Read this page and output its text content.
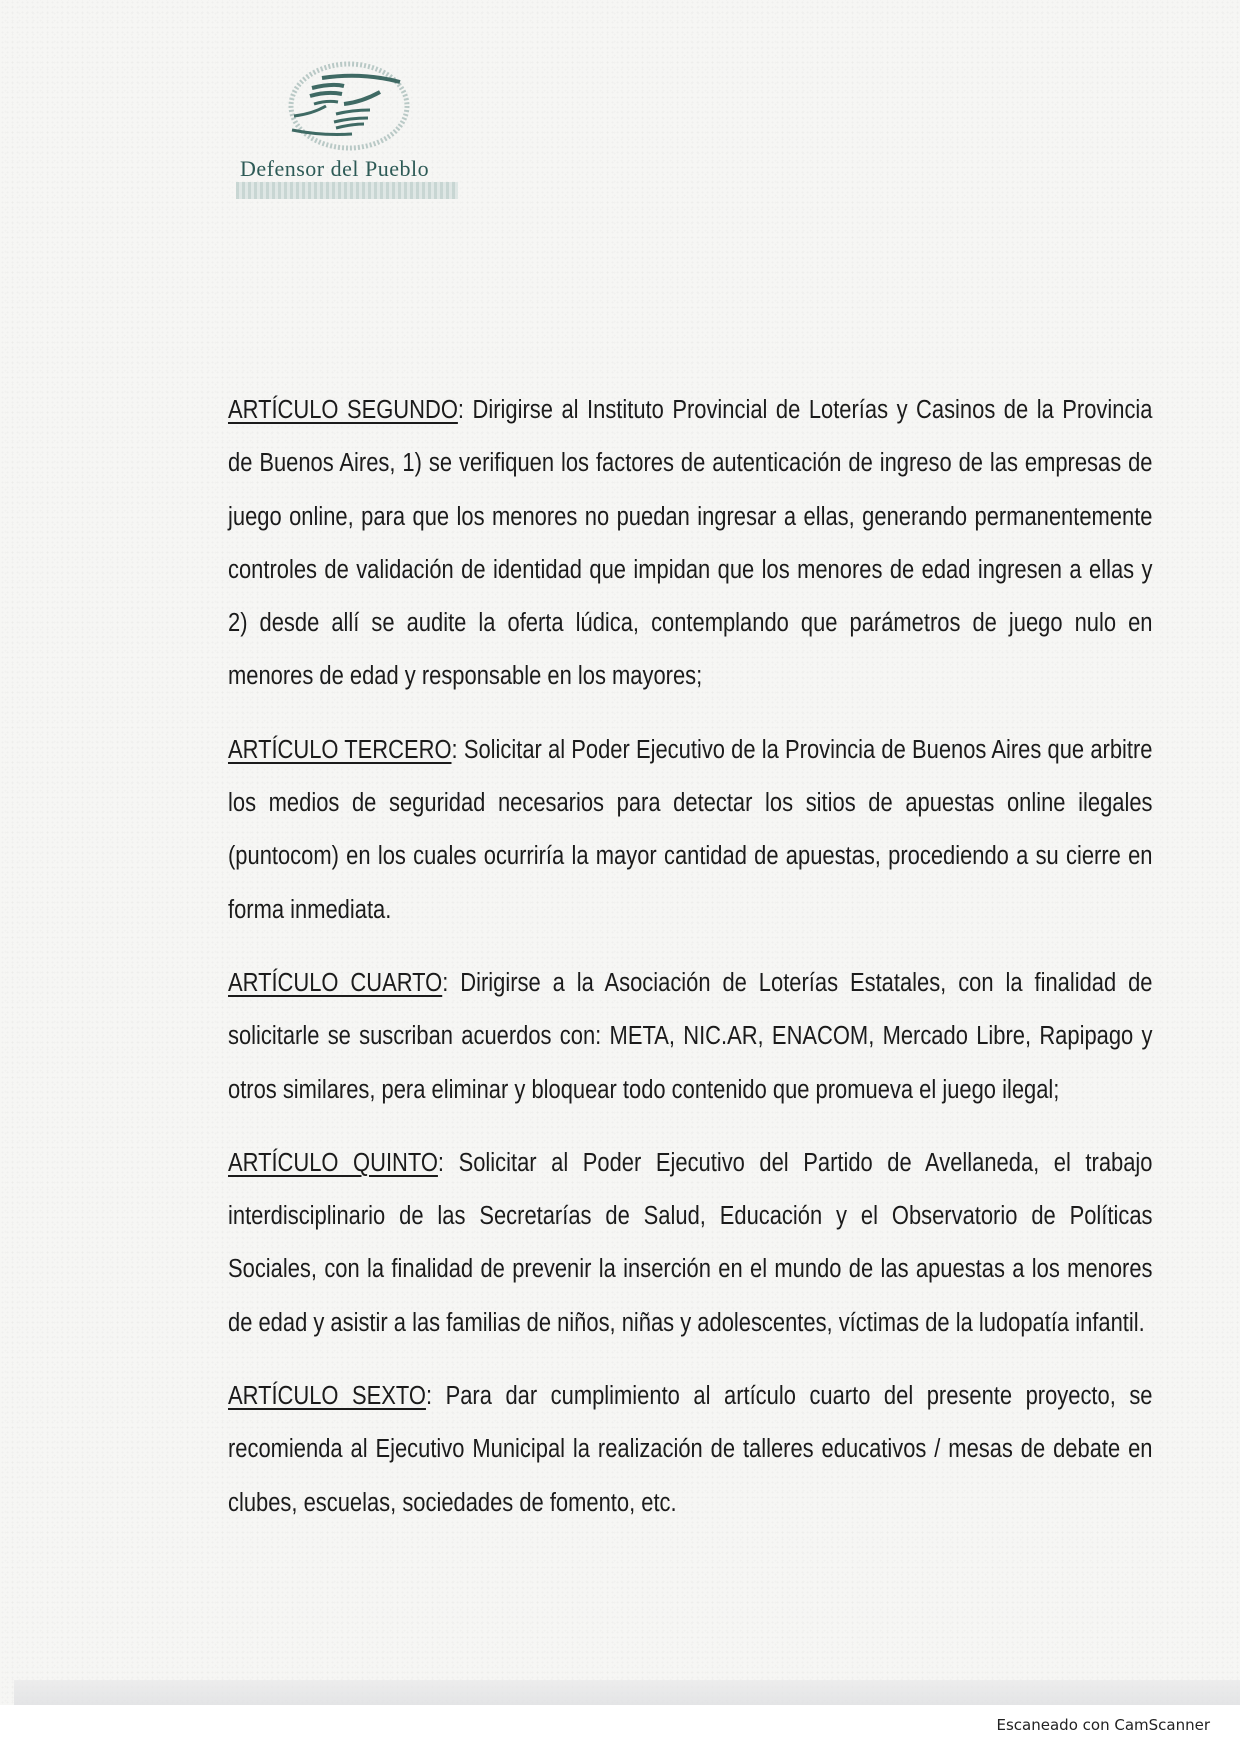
Defensor del Pueblo

ARTÍCULO SEGUNDO: Dirigirse al Instituto Provincial de Loterías y Casinos de la Provincia de Buenos Aires, 1) se verifiquen los factores de autenticación de ingreso de las empresas de juego online, para que los menores no puedan ingresar a ellas, generando permanentemente controles de validación de identidad que impidan que los menores de edad ingresen a ellas y 2) desde allí se audite la oferta lúdica, contemplando que parámetros de juego nulo en menores de edad y responsable en los mayores;

ARTÍCULO TERCERO: Solicitar al Poder Ejecutivo de la Provincia de Buenos Aires que arbitre los medios de seguridad necesarios para detectar los sitios de apuestas online ilegales (puntocom) en los cuales ocurriría la mayor cantidad de apuestas, procediendo a su cierre en forma inmediata.

ARTÍCULO CUARTO: Dirigirse a la Asociación de Loterías Estatales, con la finalidad de solicitarle se suscriban acuerdos con: META, NIC.AR, ENACOM, Mercado Libre, Rapipago y otros similares, pera eliminar y bloquear todo contenido que promueva el juego ilegal;

ARTÍCULO QUINTO: Solicitar al Poder Ejecutivo del Partido de Avellaneda, el trabajo interdisciplinario de las Secretarías de Salud, Educación y el Observatorio de Políticas Sociales, con la finalidad de prevenir la inserción en el mundo de las apuestas a los menores de edad y asistir a las familias de niños, niñas y adolescentes, víctimas de la ludopatía infantil.

ARTÍCULO SEXTO: Para dar cumplimiento al artículo cuarto del presente proyecto, se recomienda al Ejecutivo Municipal la realización de talleres educativos / mesas de debate en clubes, escuelas, sociedades de fomento, etc.

Escaneado con CamScanner
